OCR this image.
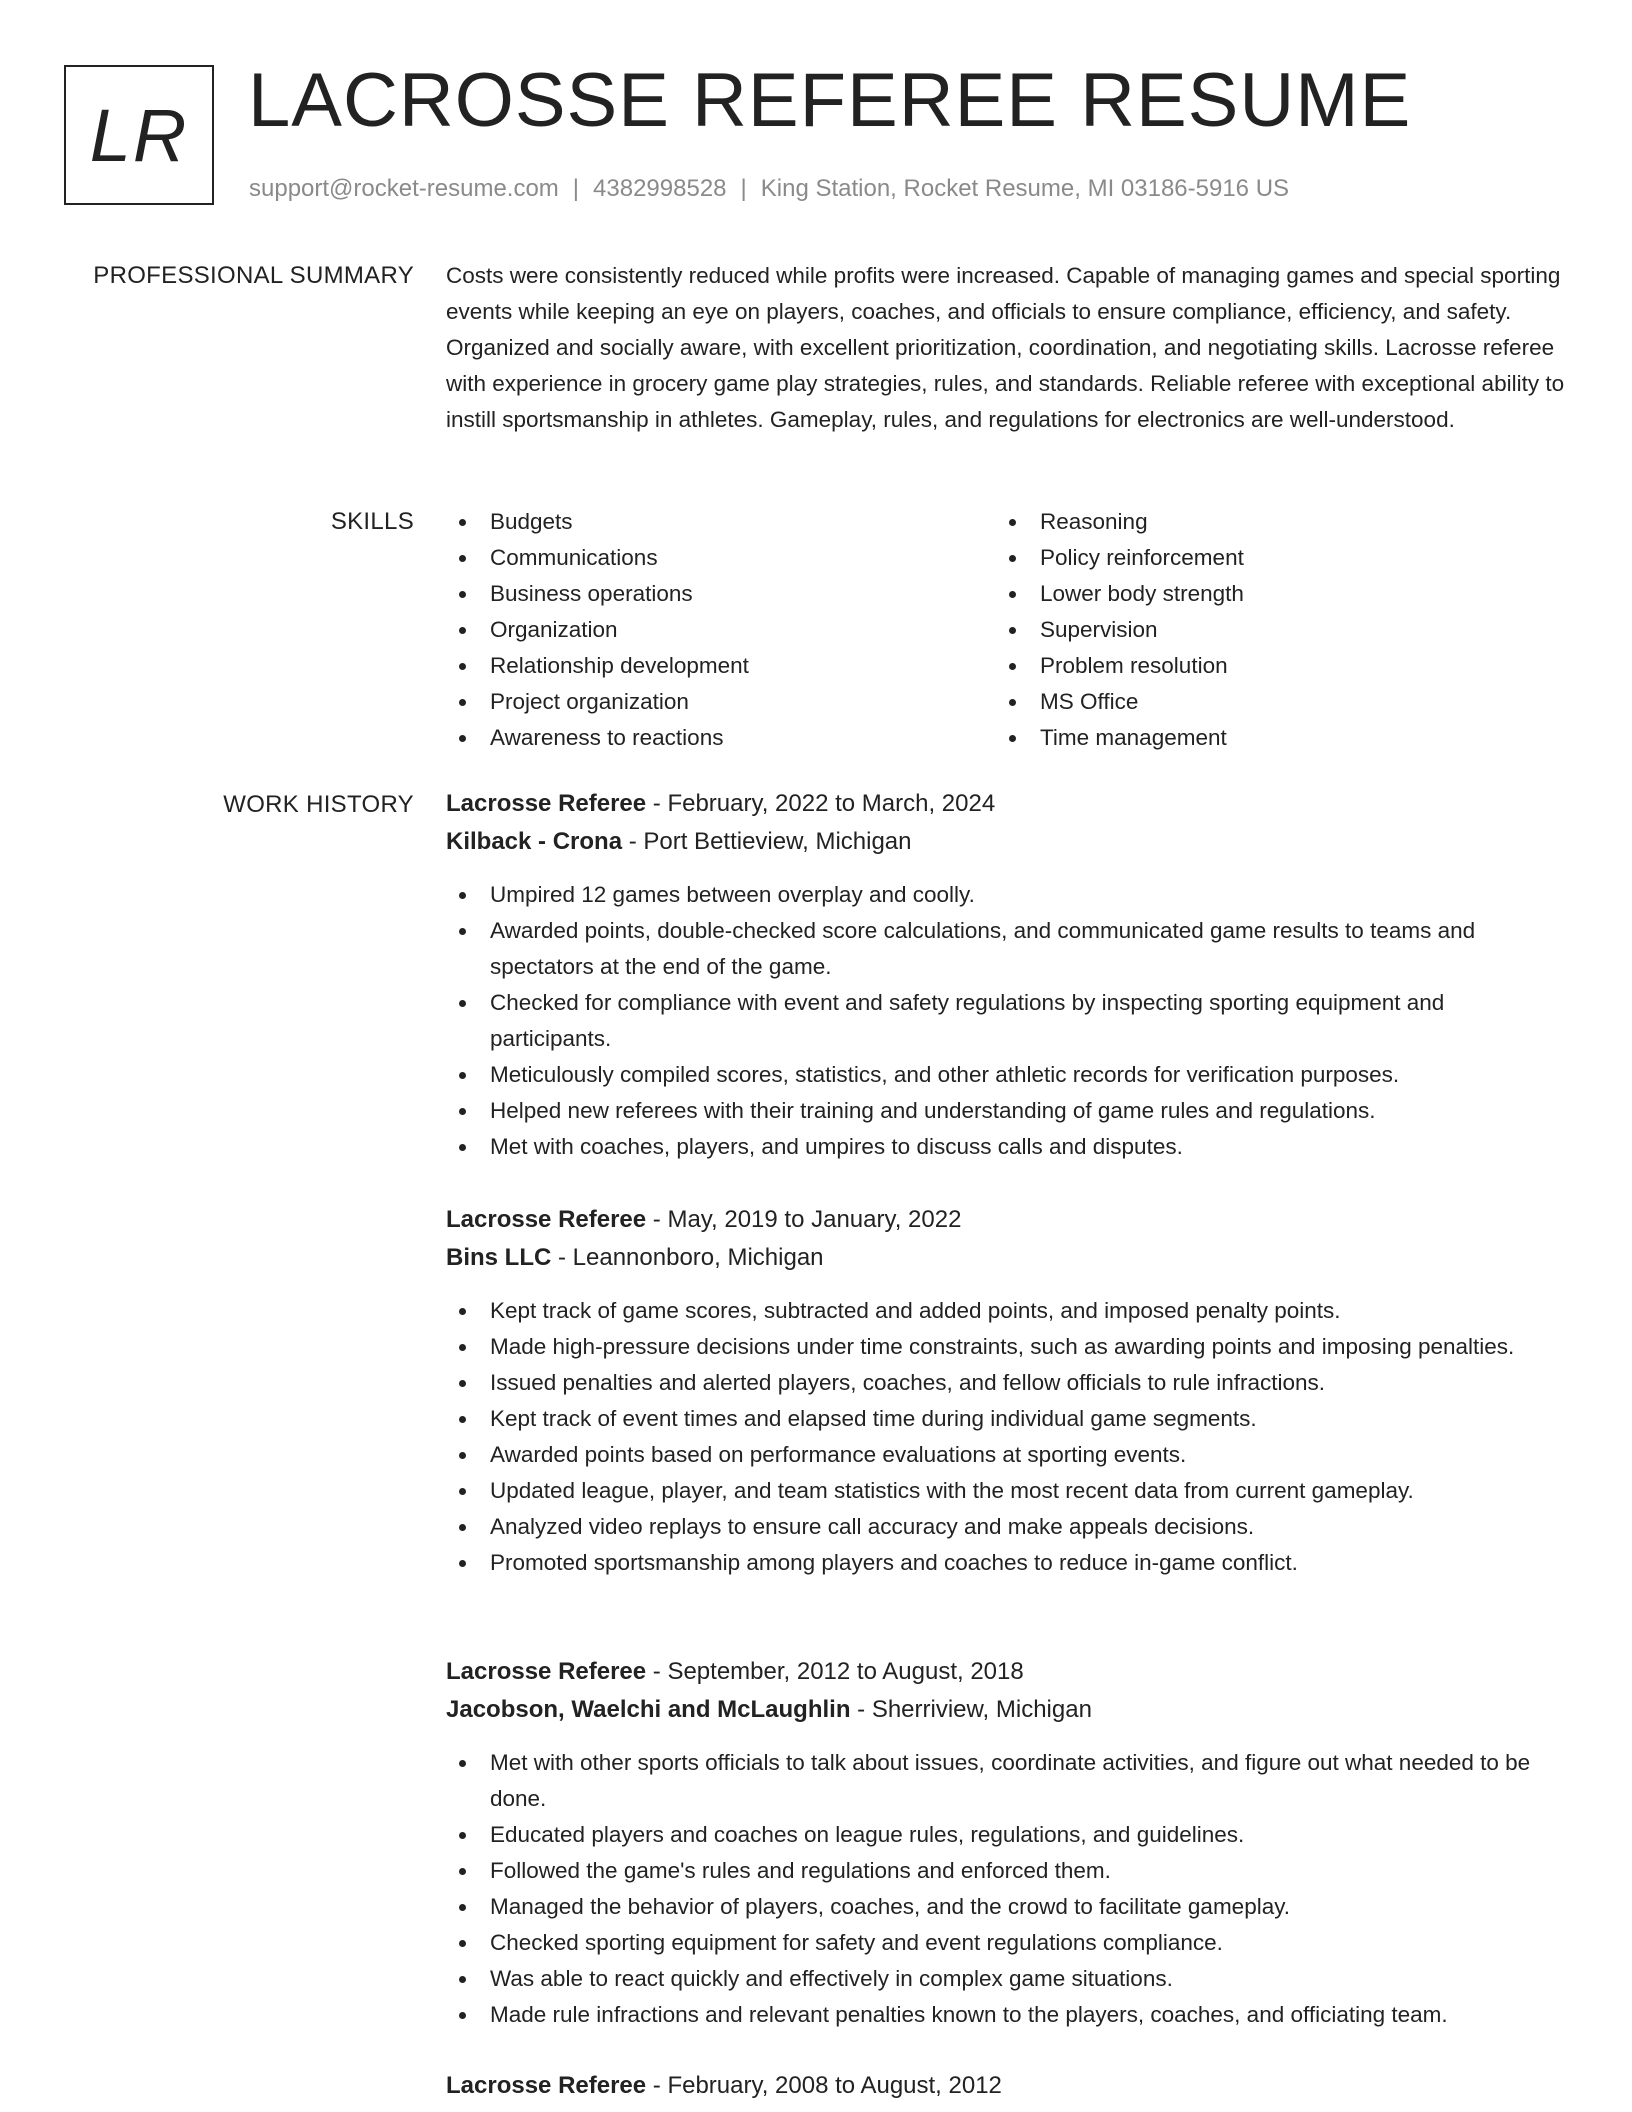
LR LACROSSE REFEREE RESUME
support@rocket-resume.com | 4382998528 | King Station, Rocket Resume, MI 03186-5916 US
PROFESSIONAL SUMMARY Costs were consistently reduced while profits were increased. Capable of managing games and special sporting events while keeping an eye on players, coaches, and officials to ensure compliance, efficiency, and safety. Organized and socially aware, with excellent prioritization, coordination, and negotiating skills. Lacrosse referee with experience in grocery game play strategies, rules, and standards. Reliable referee with exceptional ability to instill sportsmanship in athletes. Gameplay, rules, and regulations for electronics are well-understood.

SKILLS	Budgets
Communications
Business operations
Organization
Relationship development
Project organization
Awareness to reactions
Reasoning
Policy reinforcement
Lower body strength
Supervision
Problem resolution
MS Office
Time management
WORK HISTORY Lacrosse Referee - February, 2022 to March, 2024
Kilback - Crona - Port Bettieview, Michigan
Umpired 12 games between overplay and coolly.
Awarded points, double-checked score calculations, and communicated game results to teams and spectators at the end of the game.
Checked for compliance with event and safety regulations by inspecting sporting equipment and participants.
Meticulously compiled scores, statistics, and other athletic records for verification purposes.
Helped new referees with their training and understanding of game rules and regulations.
Met with coaches, players, and umpires to discuss calls and disputes.
Lacrosse Referee - May, 2019 to January, 2022
Bins LLC - Leannonboro, Michigan
Kept track of game scores, subtracted and added points, and imposed penalty points.
Made high-pressure decisions under time constraints, such as awarding points and imposing penalties.
Issued penalties and alerted players, coaches, and fellow officials to rule infractions.
Kept track of event times and elapsed time during individual game segments.
Awarded points based on performance evaluations at sporting events.
Updated league, player, and team statistics with the most recent data from current gameplay.
Analyzed video replays to ensure call accuracy and make appeals decisions.
Promoted sportsmanship among players and coaches to reduce in-game conflict.
Lacrosse Referee - September, 2012 to August, 2018
Jacobson, Waelchi and McLaughlin - Sherriview, Michigan
Met with other sports officials to talk about issues, coordinate activities, and figure out what needed to be done.
Educated players and coaches on league rules, regulations, and guidelines.
Followed the game's rules and regulations and enforced them.
Managed the behavior of players, coaches, and the crowd to facilitate gameplay.
Checked sporting equipment for safety and event regulations compliance.
Was able to react quickly and effectively in complex game situations.
Made rule infractions and relevant penalties known to the players, coaches, and officiating team.
Lacrosse Referee - February, 2008 to August, 2012
